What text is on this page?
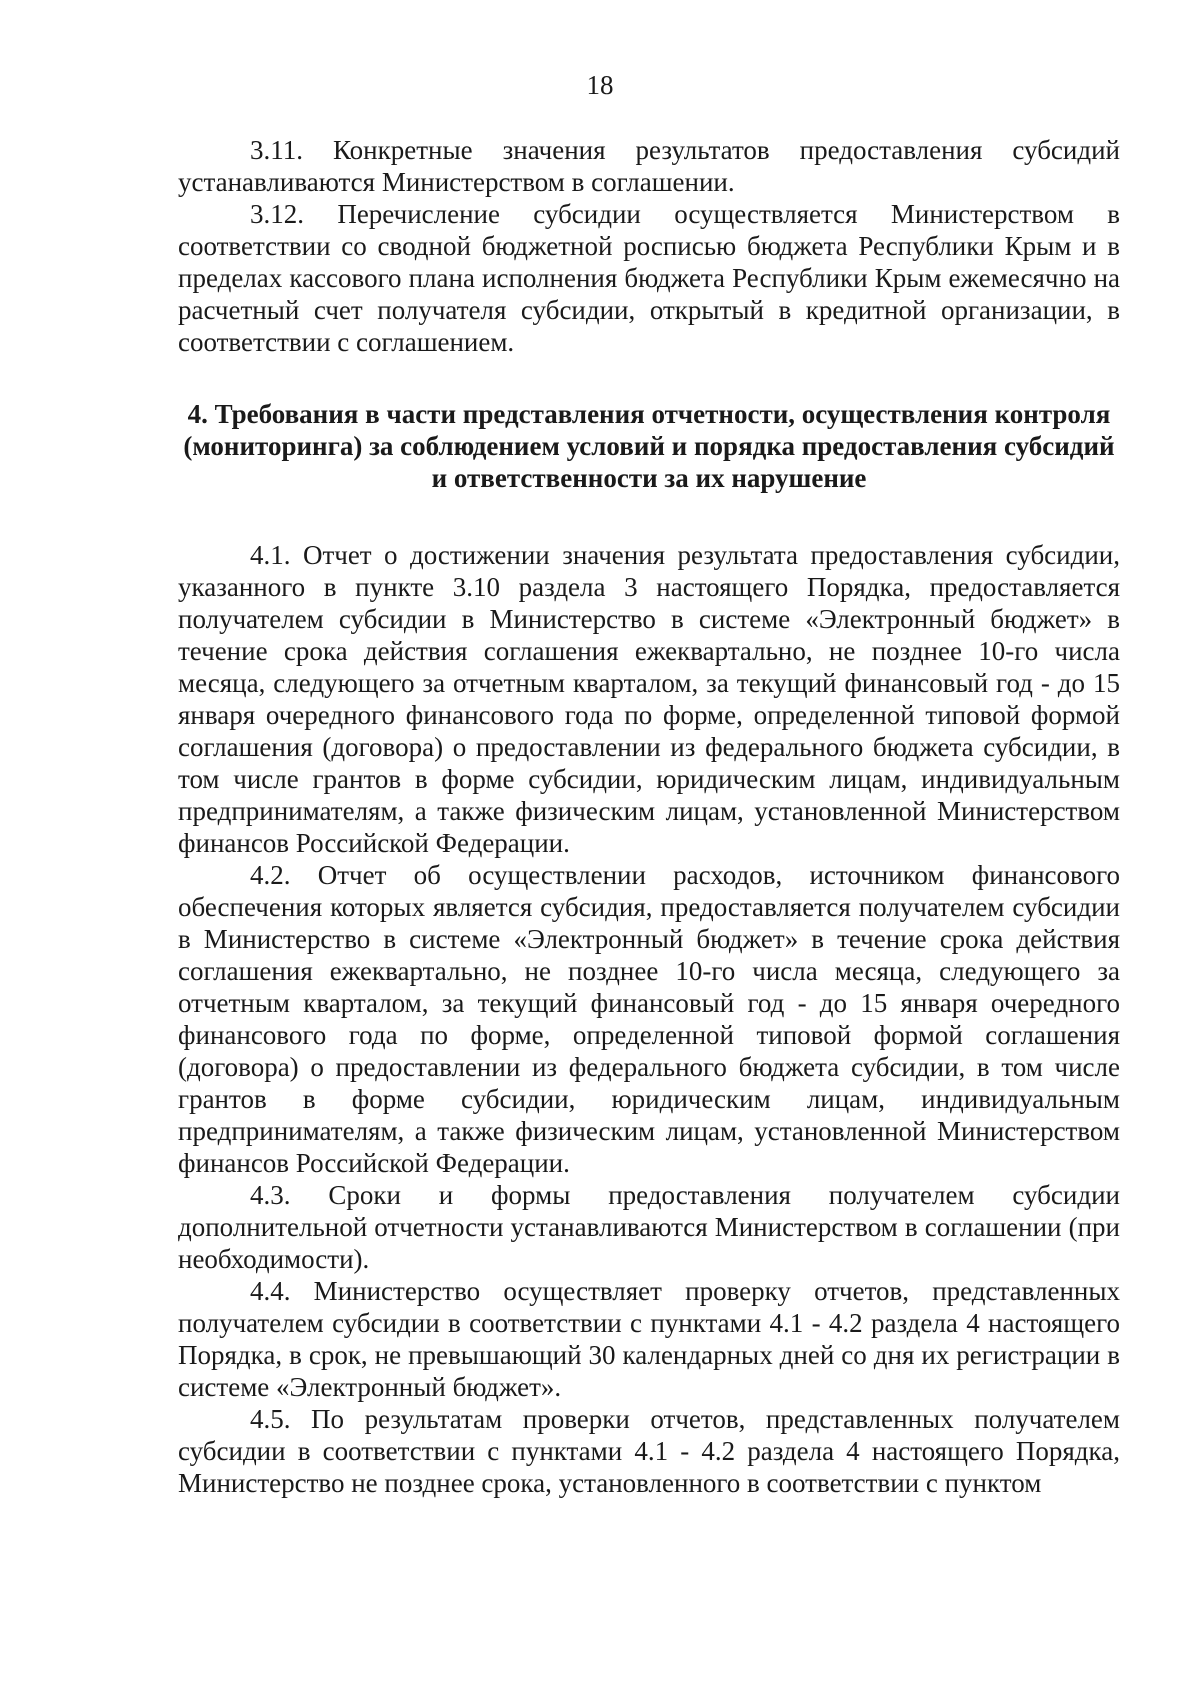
18

3.11. Конкретные значения результатов предоставления субсидий устанавливаются Министерством в соглашении.

3.12. Перечисление субсидии осуществляется Министерством в соответствии со сводной бюджетной росписью бюджета Республики Крым и в пределах кассового плана исполнения бюджета Республики Крым ежемесячно на расчетный счет получателя субсидии, открытый в кредитной организации, в соответствии с соглашением.

4. Требования в части представления отчетности, осуществления контроля (мониторинга) за соблюдением условий и порядка предоставления субсидий и ответственности за их нарушение

4.1. Отчет о достижении значения результата предоставления субсидии, указанного в пункте 3.10 раздела 3 настоящего Порядка, предоставляется получателем субсидии в Министерство в системе «Электронный бюджет» в течение срока действия соглашения ежеквартально, не позднее 10-го числа месяца, следующего за отчетным кварталом, за текущий финансовый год - до 15 января очередного финансового года по форме, определенной типовой формой соглашения (договора) о предоставлении из федерального бюджета субсидии, в том числе грантов в форме субсидии, юридическим лицам, индивидуальным предпринимателям, а также физическим лицам, установленной Министерством финансов Российской Федерации.

4.2. Отчет об осуществлении расходов, источником финансового обеспечения которых является субсидия, предоставляется получателем субсидии в Министерство в системе «Электронный бюджет» в течение срока действия соглашения ежеквартально, не позднее 10-го числа месяца, следующего за отчетным кварталом, за текущий финансовый год - до 15 января очередного финансового года по форме, определенной типовой формой соглашения (договора) о предоставлении из федерального бюджета субсидии, в том числе грантов в форме субсидии, юридическим лицам, индивидуальным предпринимателям, а также физическим лицам, установленной Министерством финансов Российской Федерации.

4.3. Сроки и формы предоставления получателем субсидии дополнительной отчетности устанавливаются Министерством в соглашении (при необходимости).

4.4. Министерство осуществляет проверку отчетов, представленных получателем субсидии в соответствии с пунктами 4.1 - 4.2 раздела 4 настоящего Порядка, в срок, не превышающий 30 календарных дней со дня их регистрации в системе «Электронный бюджет».

4.5. По результатам проверки отчетов, представленных получателем субсидии в соответствии с пунктами 4.1 - 4.2 раздела 4 настоящего Порядка, Министерство не позднее срока, установленного в соответствии с пунктом
